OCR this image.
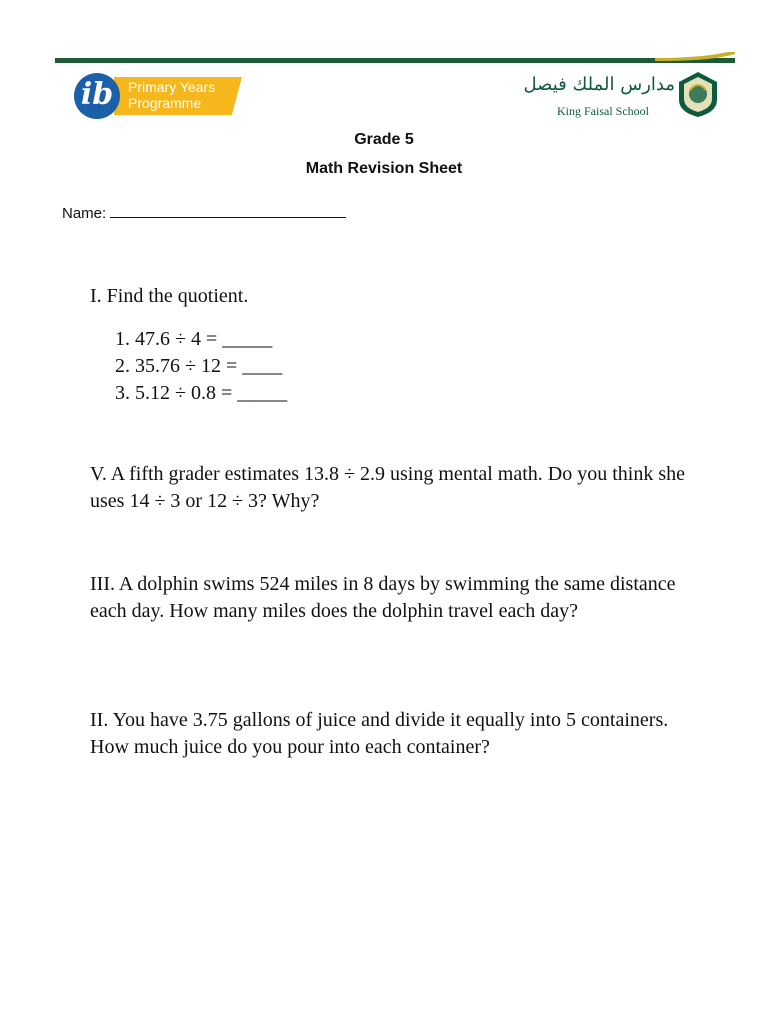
ib	Primary Years
Programme
مدارس الملك فيصل
King Faisal School
Grade 5
Math Revision Sheet
Name:
I. Find the quotient.
1. 47.6 ÷ 4 = _____
2. 35.76 ÷ 12 = ____
3. 5.12 ÷ 0.8 = _____
V. A fifth grader estimates 13.8 ÷ 2.9 using mental math. Do you think she uses 14 ÷ 3 or 12 ÷ 3? Why?
III. A dolphin swims 524 miles in 8 days by swimming the same distance each day. How many miles does the dolphin travel each day?
II. You have 3.75 gallons of juice and divide it equally into 5 containers. How much juice do you pour into each container?
